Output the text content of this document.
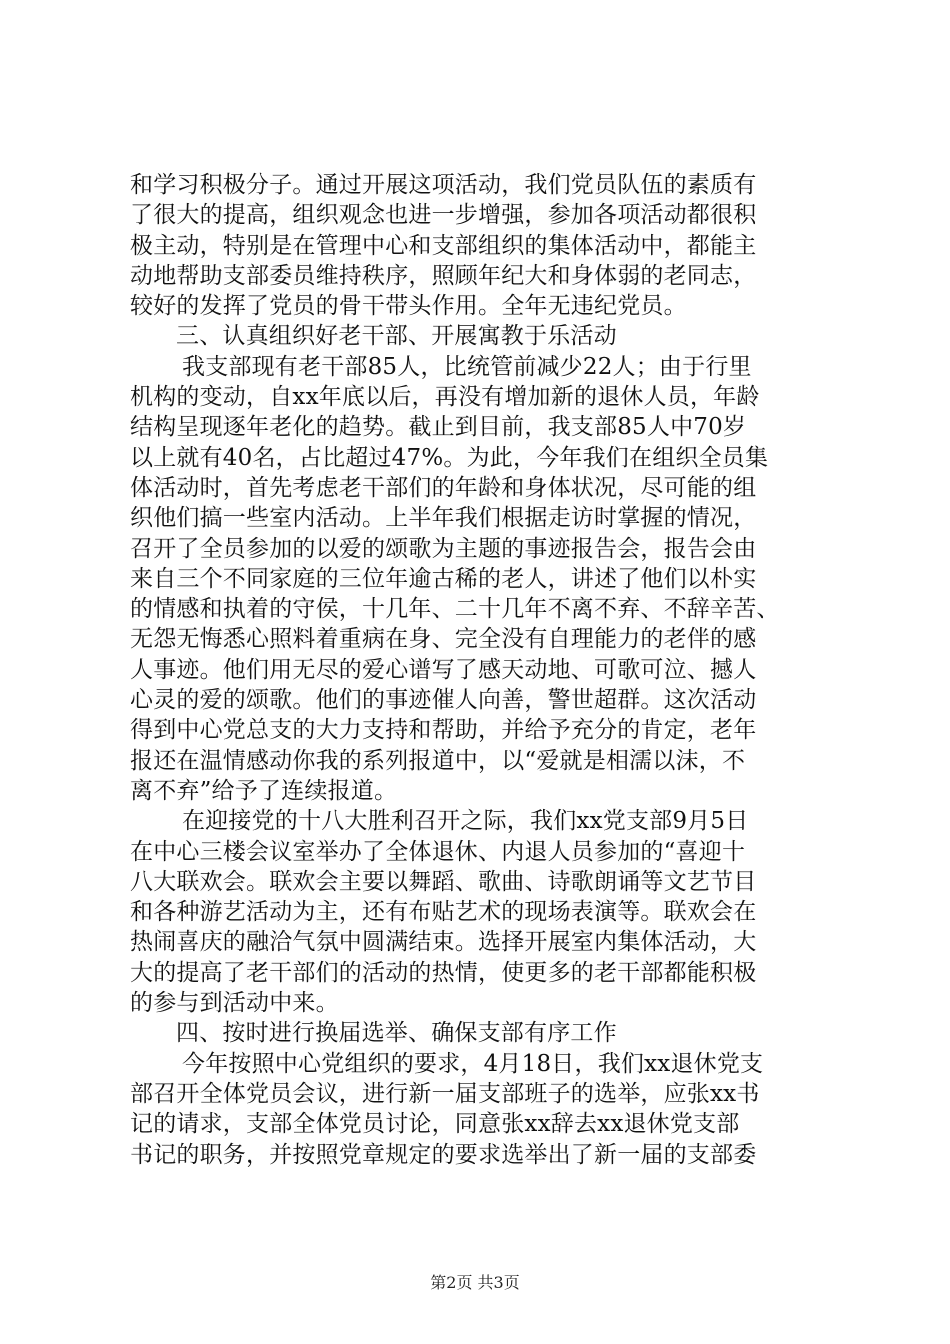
和学习积极分子。通过开展这项活动，我们党员队伍的素质有
了很大的提高，组织观念也进一步增强，参加各项活动都很积
极主动，特别是在管理中心和支部组织的集体活动中，都能主
动地帮助支部委员维持秩序，照顾年纪大和身体弱的老同志，
较好的发挥了党员的骨干带头作用。全年无违纪党员。
三、认真组织好老干部、开展寓教于乐活动
我支部现有老干部85人，比统管前减少22人；由于行里
机构的变动，自xx年底以后，再没有增加新的退休人员，年龄
结构呈现逐年老化的趋势。截止到目前，我支部85人中70岁
以上就有40名，占比超过47%。为此，今年我们在组织全员集
体活动时，首先考虑老干部们的年龄和身体状况，尽可能的组
织他们搞一些室内活动。上半年我们根据走访时掌握的情况，
召开了全员参加的以爱的颂歌为主题的事迹报告会，报告会由
来自三个不同家庭的三位年逾古稀的老人，讲述了他们以朴实
的情感和执着的守侯，十几年、二十几年不离不弃、不辞辛苦、
无怨无悔悉心照料着重病在身、完全没有自理能力的老伴的感
人事迹。他们用无尽的爱心谱写了感天动地、可歌可泣、撼人
心灵的爱的颂歌。他们的事迹催人向善，警世超群。这次活动
得到中心党总支的大力支持和帮助，并给予充分的肯定，老年
报还在温情感动你我的系列报道中，以“爱就是相濡以沫，不
离不弃”给予了连续报道。
在迎接党的十八大胜利召开之际，我们xx党支部9月5日
在中心三楼会议室举办了全体退休、内退人员参加的“喜迎十
八大联欢会。联欢会主要以舞蹈、歌曲、诗歌朗诵等文艺节目
和各种游艺活动为主，还有布贴艺术的现场表演等。联欢会在
热闹喜庆的融洽气氛中圆满结束。选择开展室内集体活动，大
大的提高了老干部们的活动的热情，使更多的老干部都能积极
的参与到活动中来。
四、按时进行换届选举、确保支部有序工作
今年按照中心党组织的要求，4月18日，我们xx退休党支
部召开全体党员会议，进行新一届支部班子的选举，应张xx书
记的请求，支部全体党员讨论，同意张xx辞去xx退休党支部
书记的职务，并按照党章规定的要求选举出了新一届的支部委
第2页 共3页
